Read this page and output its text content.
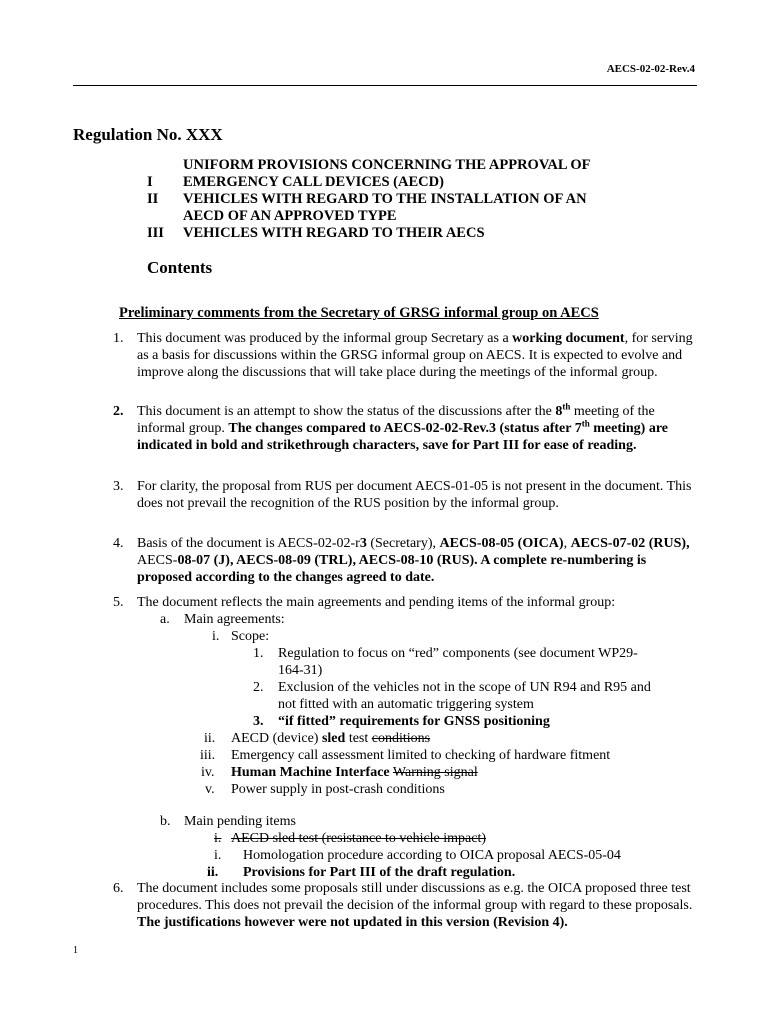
AECS-02-02-Rev.4
Regulation No. XXX
UNIFORM PROVISIONS CONCERNING THE APPROVAL OF
I EMERGENCY CALL DEVICES (AECD)
II VEHICLES WITH REGARD TO THE INSTALLATION OF AN
AECD OF AN APPROVED TYPE
III VEHICLES WITH REGARD TO THEIR AECS
Contents
Preliminary comments from the Secretary of GRSG informal group on AECS
1. This document was produced by the informal group Secretary as a working document, for serving as a basis for discussions within the GRSG informal group on AECS. It is expected to evolve and improve along the discussions that will take place during the meetings of the informal group.
2. This document is an attempt to show the status of the discussions after the 8th meeting of the informal group. The changes compared to AECS-02-02-Rev.3 (status after 7th meeting) are indicated in bold and strikethrough characters, save for Part III for ease of reading.
3. For clarity, the proposal from RUS per document AECS-01-05 is not present in the document. This does not prevail the recognition of the RUS position by the informal group.
4. Basis of the document is AECS-02-02-r3 (Secretary), AECS-08-05 (OICA), AECS-07-02 (RUS), AECS-08-07 (J), AECS-08-09 (TRL), AECS-08-10 (RUS). A complete re-numbering is proposed according to the changes agreed to date.
5. The document reflects the main agreements and pending items of the informal group:
a. Main agreements:
i. Scope:
1. Regulation to focus on “red” components (see document WP29-
164-31)
2. Exclusion of the vehicles not in the scope of UN R94 and R95 and
not fitted with an automatic triggering system
3. “if fitted” requirements for GNSS positioning
ii. AECD (device) sled test conditions
iii. Emergency call assessment limited to checking of hardware fitment
iv. Human Machine Interface Warning signal
v. Power supply in post-crash conditions
b. Main pending items
i. AECD sled test (resistance to vehicle impact)
i. Homologation procedure according to OICA proposal AECS-05-04
ii. Provisions for Part III of the draft regulation.
6. The document includes some proposals still under discussions as e.g. the OICA proposed three test procedures. This does not prevail the decision of the informal group with regard to these proposals. The justifications however were not updated in this version (Revision 4).
1
